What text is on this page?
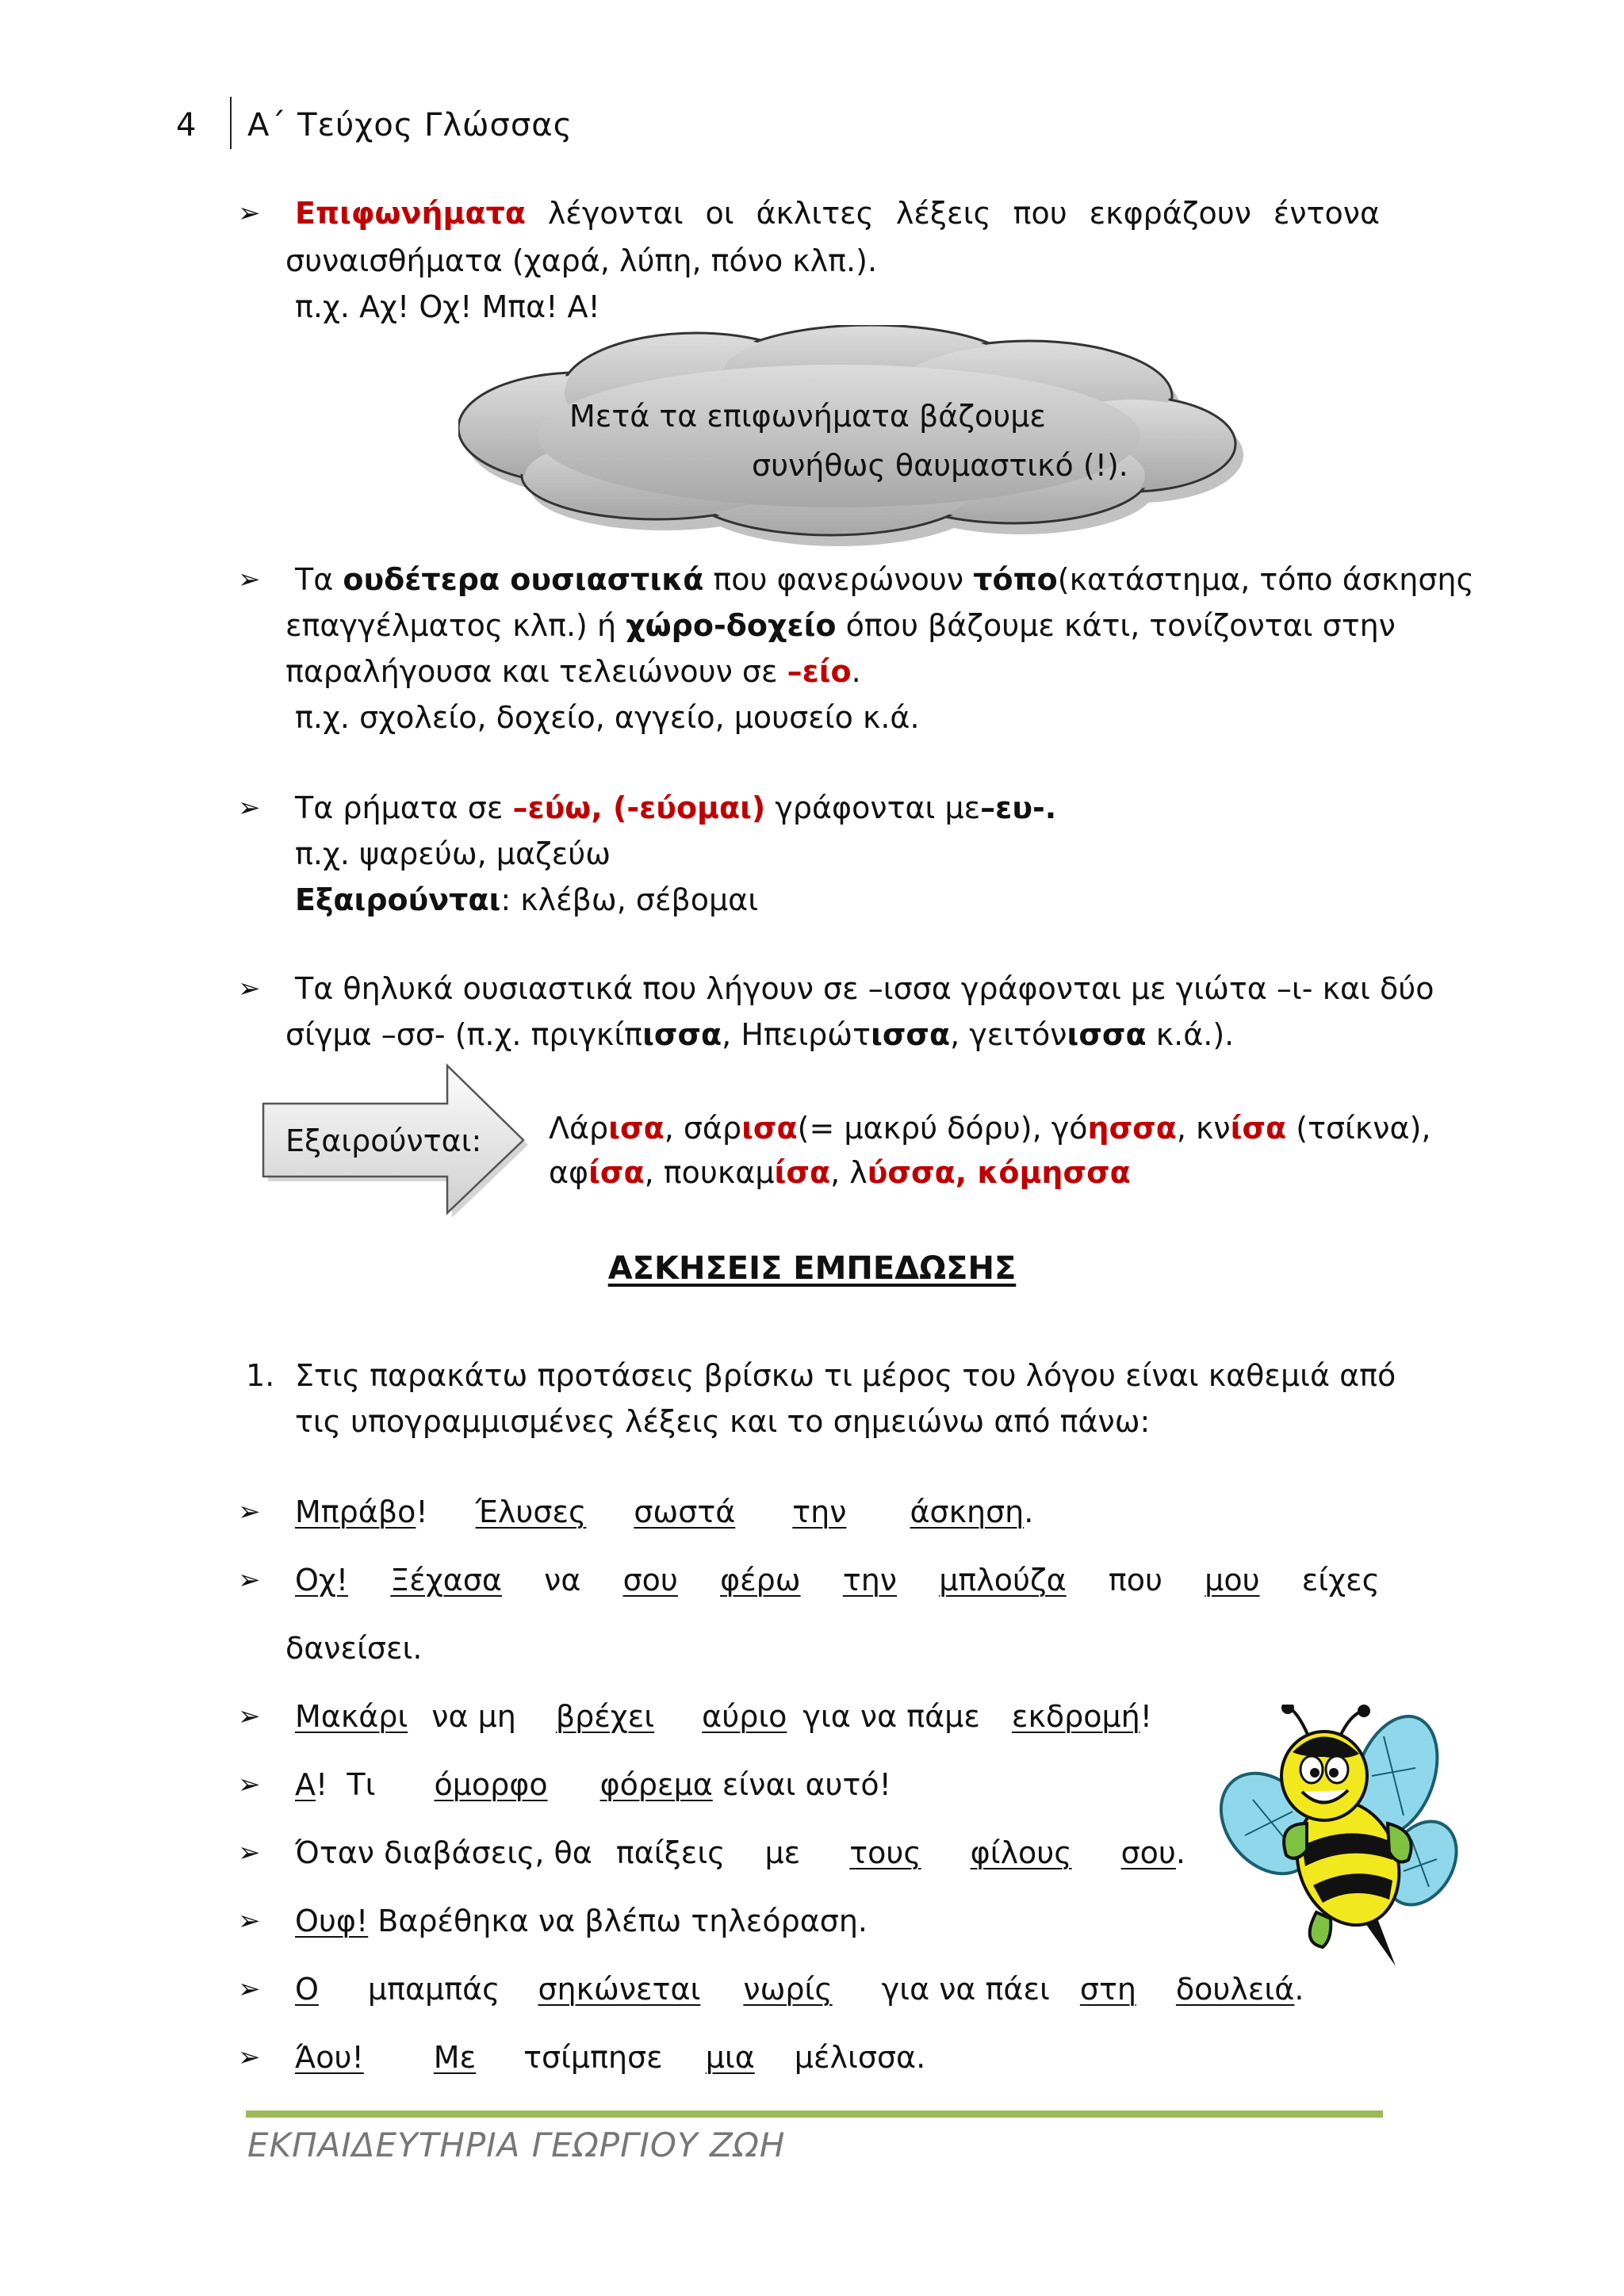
4 Α΄ Τεύχος Γλώσσας
➢ Επιφωνήματα λέγονται οι άκλιτες λέξεις που εκφράζουν έντονα
συναισθήματα (χαρά, λύπη, πόνο κλπ.).
π.χ. Αχ! Οχ! Μπα! Α!
Μετά τα επιφωνήματα βάζουμε
συνήθως θαυμαστικό (!).
➢ Τα ουδέτερα ουσιαστικά που φανερώνουν τόπο(κατάστημα, τόπο άσκησης
επαγγέλματος κλπ.) ή χώρο-δοχείο όπου βάζουμε κάτι, τονίζονται στην
παραλήγουσα και τελειώνουν σε –είο.
π.χ. σχολείο, δοχείο, αγγείο, μουσείο κ.ά.
➢ Τα ρήματα σε –εύω, (-εύομαι) γράφονται με–ευ-.
π.χ. ψαρεύω, μαζεύω
Εξαιρούνται: κλέβω, σέβομαι
➢ Τα θηλυκά ουσιαστικά που λήγουν σε –ισσα γράφονται με γιώτα –ι- και δύο
σίγμα –σσ- (π.χ. πριγκίπισσα, Ηπειρώτισσα, γειτόνισσα κ.ά.).
Εξαιρούνται: Λάρισα, σάρισα(= μακρύ δόρυ), γόησσα, κνίσα (τσίκνα),
αφίσα, πουκαμίσα, λύσσα, κόμησσα
ΑΣΚΗΣΕΙΣ ΕΜΠΕΔΩΣΗΣ
1. Στις παρακάτω προτάσεις βρίσκω τι μέρος του λόγου είναι καθεμιά από
τις υπογραμμισμένες λέξεις και το σημειώνω από πάνω:
➢ Μπράβο! Έλυσες σωστά την άσκηση.
➢ Οχ! Ξέχασα να σου φέρω την μπλούζα που μου είχες
δανείσει.
➢ Μακάρι να μη βρέχει αύριο για να πάμε εκδρομή!
➢ Α!  Τι όμορφο φόρεμα είναι αυτό!
➢ Όταν διαβάσεις, θα παίξεις με τους φίλους σου.
➢ Ουφ! Βαρέθηκα να βλέπω τηλεόραση.
➢ Ο μπαμπάς σηκώνεται νωρίς για να πάει στη δουλειά.
➢ Άου! Με τσίμπησε μια μέλισσα.
ΕΚΠΑΙΔΕΥΤΗΡΙΑ ΓΕΩΡΓΙΟΥ ΖΩΗ
